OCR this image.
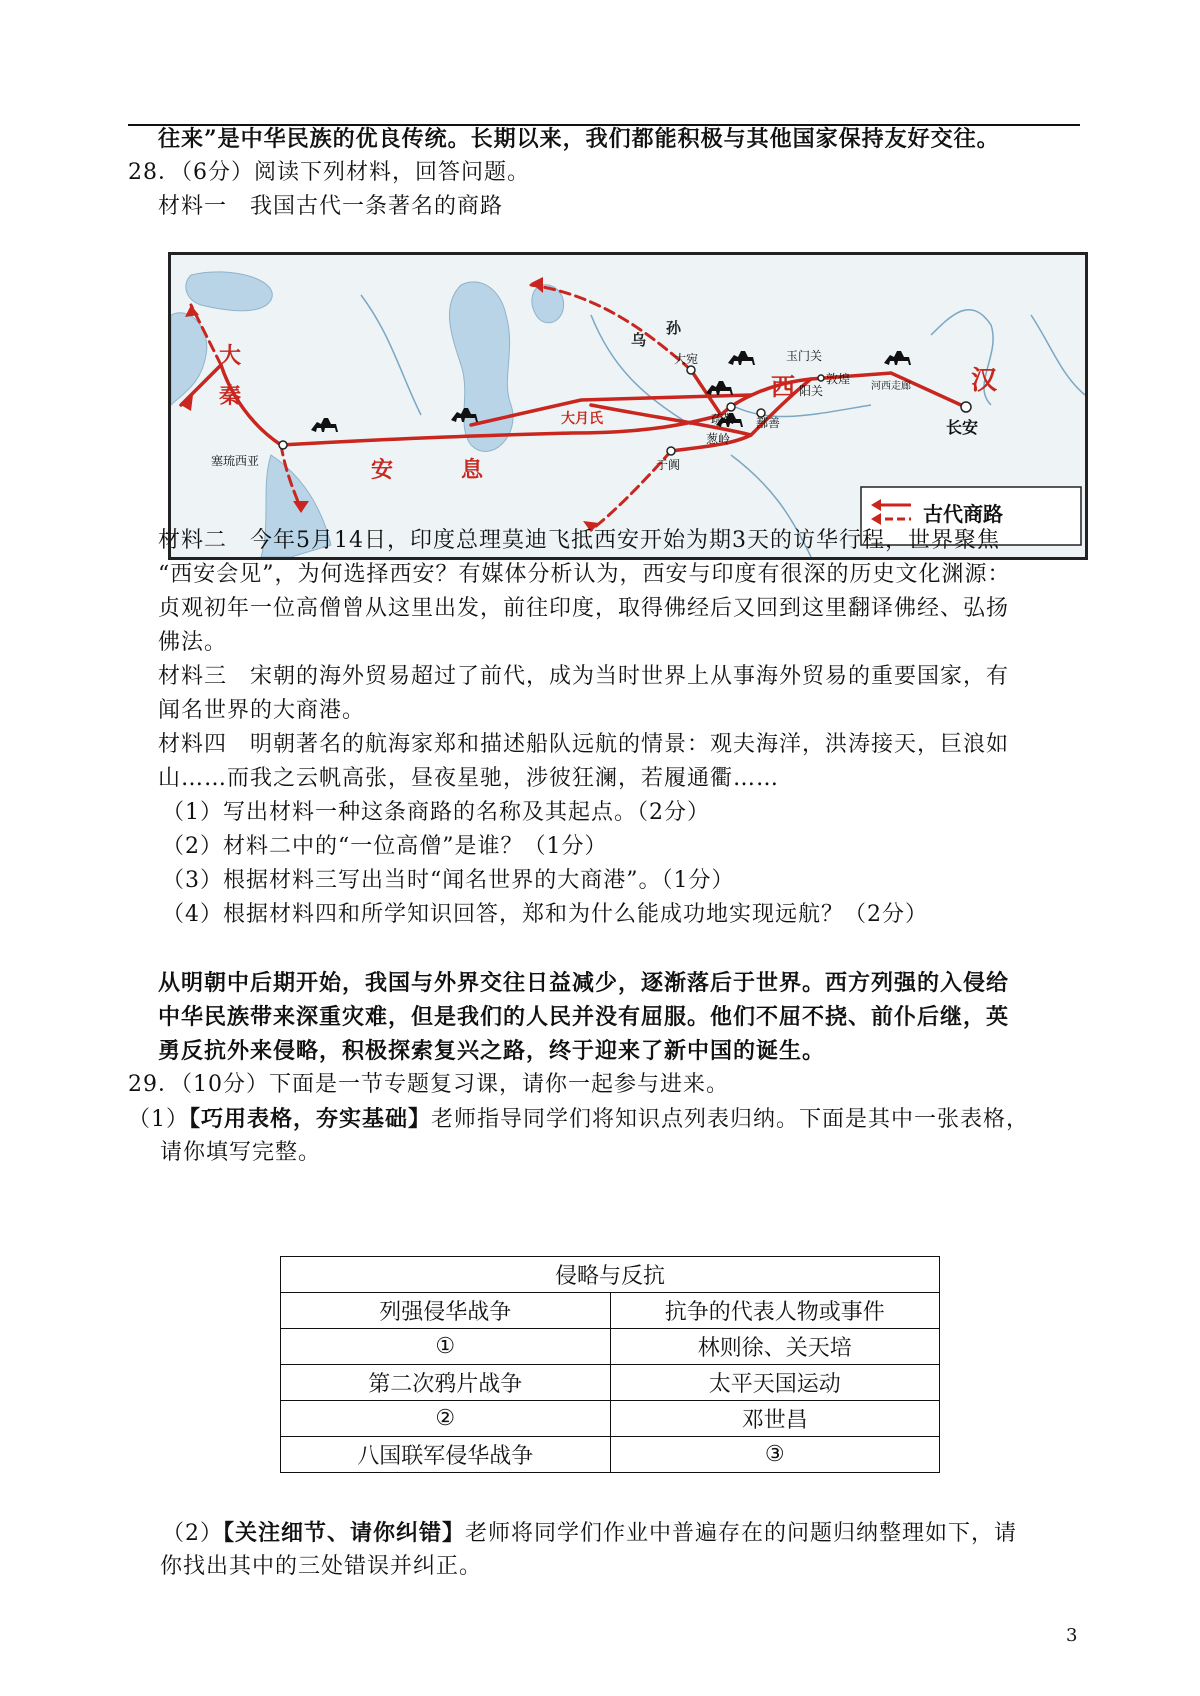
往来”是中华民族的优良传统。长期以来，我们都能积极与其他国家保持友好交往。
28．（6分）阅读下列材料，回答问题。
材料一　我国古代一条著名的商路
大
秦
安	息
西	汉
大月氏
乌
孙
塞琉西亚
大宛
疏勒
葱岭
于阗
鄯善
玉门关
敦煌
阳关	河西走廊
长安
古代商路
材料二　今年5月14日，印度总理莫迪飞抵西安开始为期3天的访华行程，世界聚焦
“西安会见”，为何选择西安？有媒体分析认为，西安与印度有很深的历史文化渊源：
贞观初年一位高僧曾从这里出发，前往印度，取得佛经后又回到这里翻译佛经、弘扬
佛法。
材料三　宋朝的海外贸易超过了前代，成为当时世界上从事海外贸易的重要国家，有
闻名世界的大商港。
材料四　明朝著名的航海家郑和描述船队远航的情景：观夫海洋，洪涛接天，巨浪如
山……而我之云帆高张，昼夜星驰，涉彼狂澜，若履通衢……
（1）写出材料一种这条商路的名称及其起点。（2分）
（2）材料二中的“一位高僧”是谁？（1分）
（3）根据材料三写出当时“闻名世界的大商港”。（1分）
（4）根据材料四和所学知识回答，郑和为什么能成功地实现远航？（2分）
从明朝中后期开始，我国与外界交往日益减少，逐渐落后于世界。西方列强的入侵给
中华民族带来深重灾难，但是我们的人民并没有屈服。他们不屈不挠、前仆后继，英
勇反抗外来侵略，积极探索复兴之路，终于迎来了新中国的诞生。
29．（10分）下面是一节专题复习课，请你一起参与进来。
（1）【巧用表格，夯实基础】老师指导同学们将知识点列表归纳。下面是其中一张表格，
请你填写完整。
侵略与反抗	
列强侵华战争	抗争的代表人物或事件
①	林则徐、关天培
第二次鸦片战争	太平天国运动
②	邓世昌
八国联军侵华战争	③
（2）【关注细节、请你纠错】老师将同学们作业中普遍存在的问题归纳整理如下，请
你找出其中的三处错误并纠正。
3
